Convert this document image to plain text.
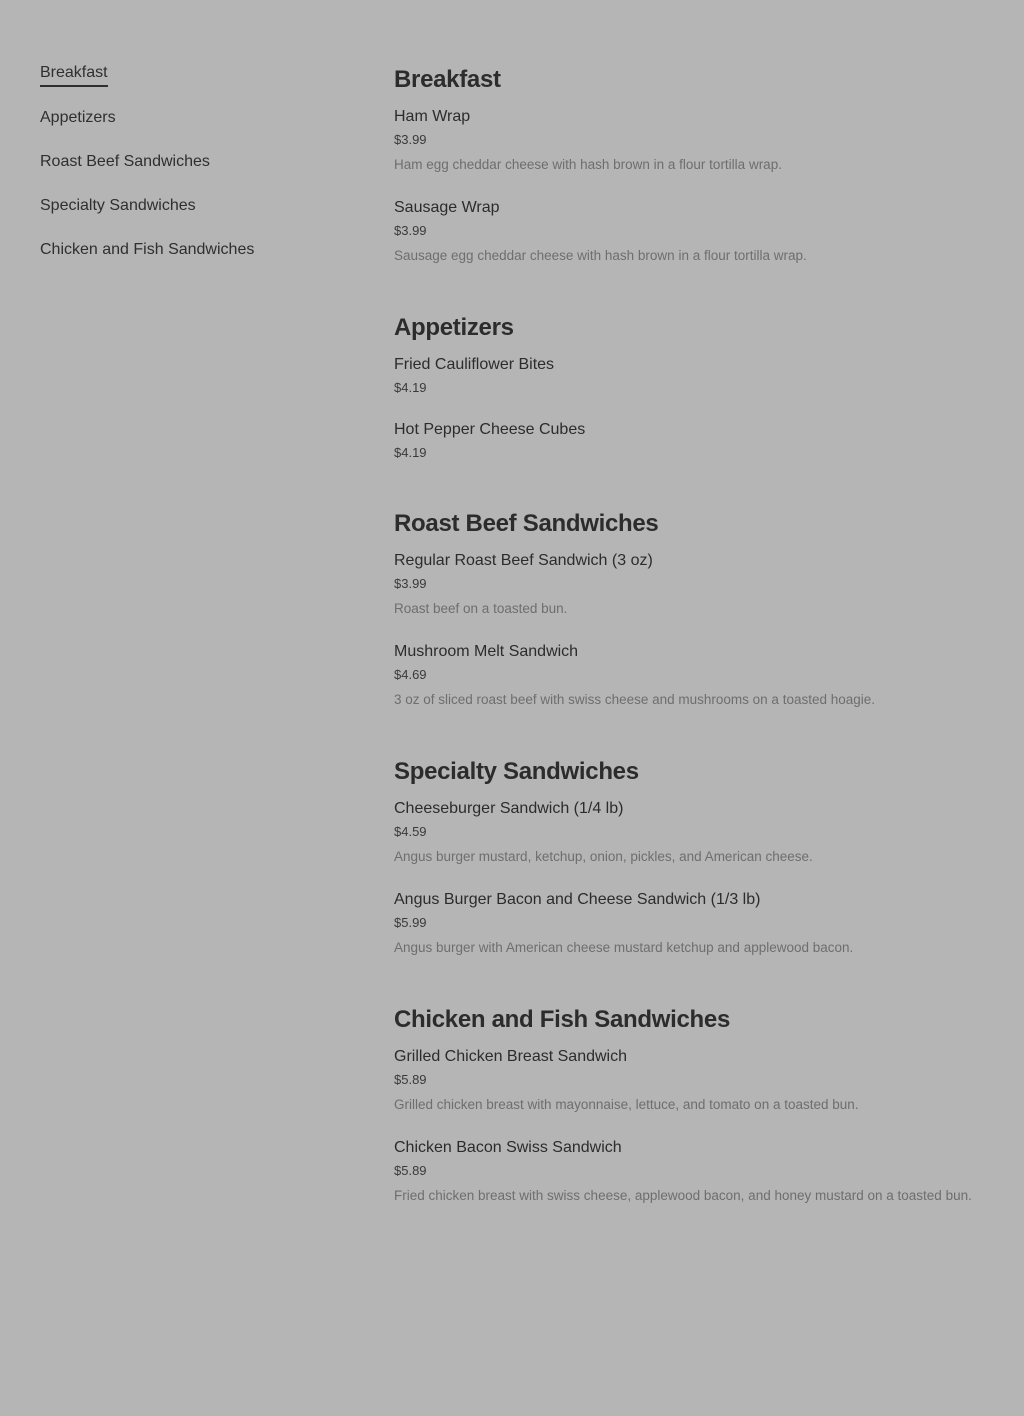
Breakfast
Appetizers
Roast Beef Sandwiches
Specialty Sandwiches
Chicken and Fish Sandwiches
Breakfast
Ham Wrap
$3.99
Ham egg cheddar cheese with hash brown in a flour tortilla wrap.
Sausage Wrap
$3.99
Sausage egg cheddar cheese with hash brown in a flour tortilla wrap.
Appetizers
Fried Cauliflower Bites
$4.19
Hot Pepper Cheese Cubes
$4.19
Roast Beef Sandwiches
Regular Roast Beef Sandwich (3 oz)
$3.99
Roast beef on a toasted bun.
Mushroom Melt Sandwich
$4.69
3 oz of sliced roast beef with swiss cheese and mushrooms on a toasted hoagie.
Specialty Sandwiches
Cheeseburger Sandwich (1/4 lb)
$4.59
Angus burger mustard, ketchup, onion, pickles, and American cheese.
Angus Burger Bacon and Cheese Sandwich (1/3 lb)
$5.99
Angus burger with American cheese mustard ketchup and applewood bacon.
Chicken and Fish Sandwiches
Grilled Chicken Breast Sandwich
$5.89
Grilled chicken breast with mayonnaise, lettuce, and tomato on a toasted bun.
Chicken Bacon Swiss Sandwich
$5.89
Fried chicken breast with swiss cheese, applewood bacon, and honey mustard on a toasted bun.
